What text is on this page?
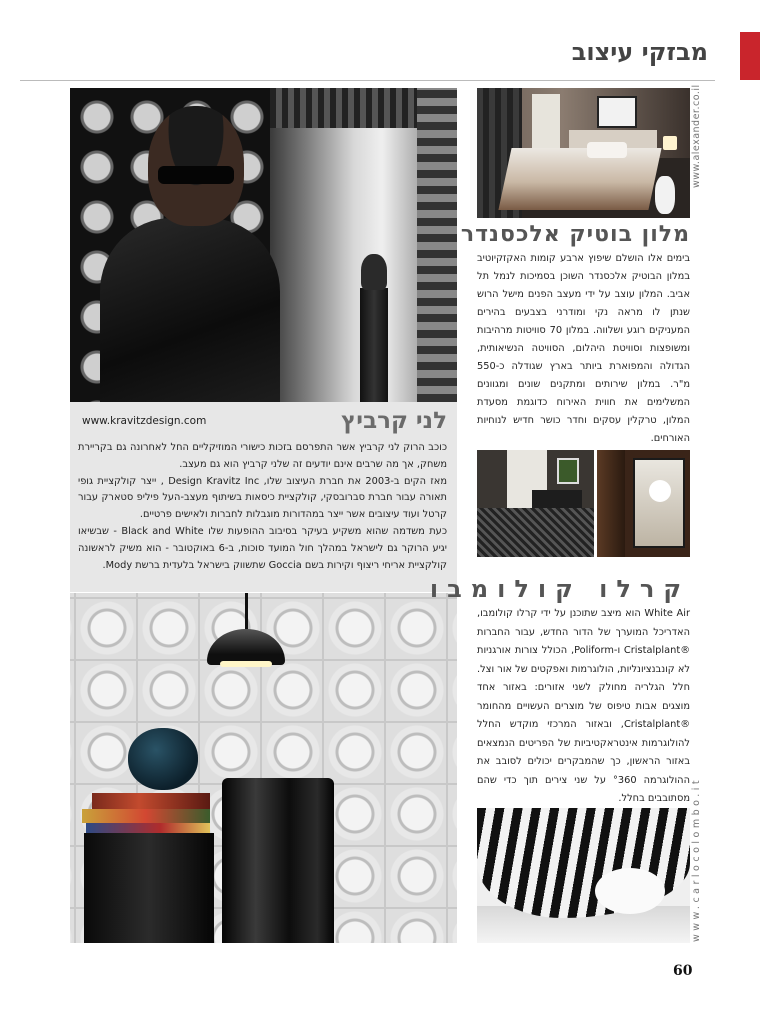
מבזקי עיצוב
לני קרביץ
www.kravitzdesign.com

כוכב הרוק לני קרביץ אשר התפרסם בזכות כישורי המוזיקליים החל לאחרונה גם בקריירת משחק, אך מה שרבים אינם יודעים זה שלני קרביץ הוא גם מעצב.

מאז הקים ב-2003 את חברת העיצוב שלו, Design Kravitz Inc , ייצר קולקציית גופי תאורה עבור חברת סברובסקי, קולקציית כיסאות בשיתוף מעצב-העל פיליפ סטארק עבור קרטל ועוד עיצובים אשר ייצר במהדורות מוגבלות לחברות ולאישים פרטיים.

כעת משדמה שהוא משקיע בעיקר בסיבוב ההופעות שלו Black and White - שבשיאו יגיע הרוקר גם לישראל במהלך חול המועד סוכות, ב-6 באוקטובר - הוא משיק לראשונה קולקציית אריחי ריצוף וקירות בשם Goccia שתשווק בישראל בלעדית ברשת Mody.

www.alexander.co.il
מלון בוטיק אלכסנדר
בימים אלו הושלם שיפוץ ארבע קומות האקזקיוטיב במלון הבוטיק אלכסנדר השוכן בסמיכות לנמל תל אביב. המלון עוצב על ידי מעצב הפנים מישל הרוש שנתן לו מראה נקי ומודרני בצבעים בהירים המעניקים רוגע ושלווה. במלון 70 סוויטות מרהיבות ומשופצות וסוויטת היהלום, הסוויטה הנשיאותית, הגדולה והמפוארת ביותר בארץ שגודלה כ-550 מ"ר. במלון שירותים ומתקנים שונים ומגוונים המשלימים את חווית האירוח כדוגמת מסעדת המלון, טרקלין עסקים וחדר כושר חדיש לנוחיות האורחים.
קרלו קולומבו
White Air הוא מיצב שתוכנן על ידי קרלו קולומבו, האדריכל המוערך של הדור החדש, עבור החברות ®Cristalplant ו-Poliform, הכולל צורות אורגניות לא קונבנציונליות, הולוגרמות ואפקטים של אור וצל. חלל הגלריה מחולק לשני אזורים: באזור אחד מוצגים אבות טיפוס של מוצרים העשויים מהחומר ®Cristalplant, ובאזור המרכזי מוקדש החלל להולוגרמות אינטראקטיביות של הפריטים הנמצאים באזור הראשון, כך שהמבקרים יכולים לסובב את ההולוגרמה °360 על שני צירים תוך כדי שהם מסתובבים בחלל. www.carlocolombo.it
60
